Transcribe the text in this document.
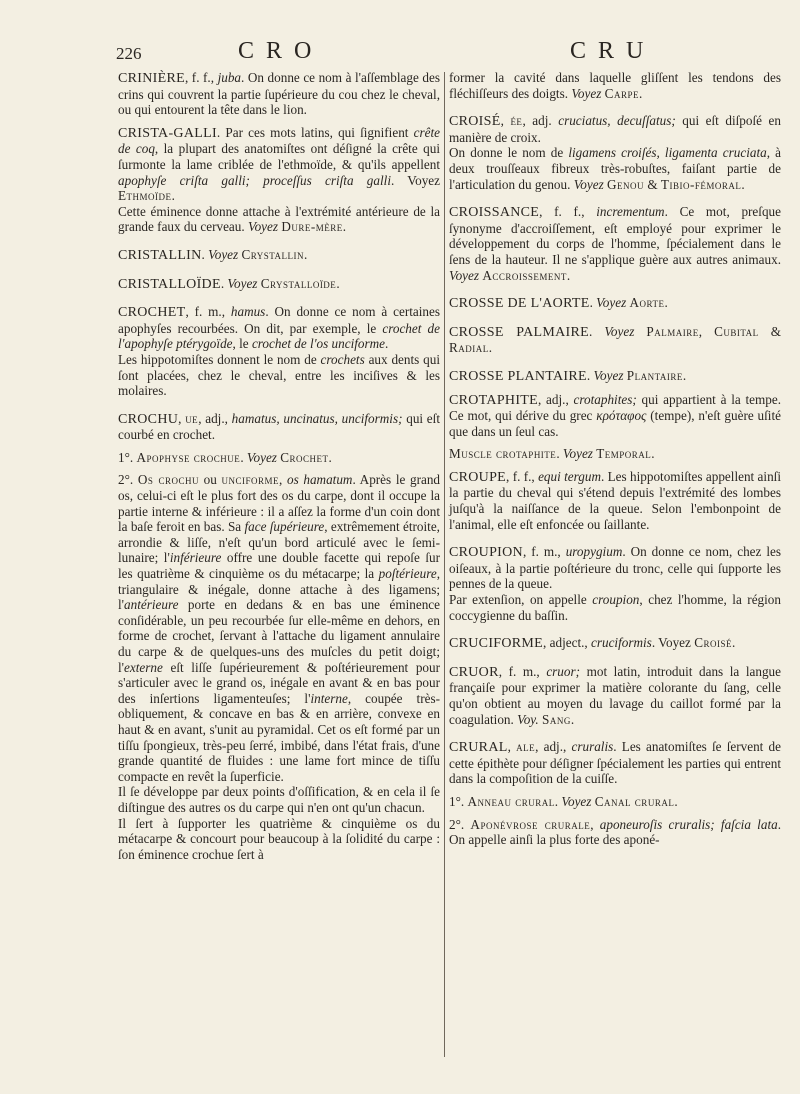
226	CRO	CRU

CRINIÈRE, f. f., juba. On donne ce nom à l'aſſemblage des crins qui couvrent la partie ſupérieure du cou chez le cheval, ou qui entourent la tête dans le lion.

CRISTA-GALLI. Par ces mots latins, qui ſignifient crête de coq, la plupart des anatomiſtes ont déſigné la crête qui ſurmonte la lame criblée de l'ethmoïde, & qu'ils appellent apophyſe criſta galli; proceſſus criſta galli. Voyez Ethmoïde.

Cette éminence donne attache à l'extrémité antérieure de la grande faux du cerveau. Voyez Dure-mère.

CRISTALLIN. Voyez Crystallin.

CRISTALLOÏDE. Voyez Crystalloïde.

CROCHET, f. m., hamus. On donne ce nom à certaines apophyſes recourbées. On dit, par exemple, le crochet de l'apophyſe ptérygoïde, le crochet de l'os unciforme.

Les hippotomiſtes donnent le nom de crochets aux dents qui ſont placées, chez le cheval, entre les inciſives & les molaires.

CROCHU, ue, adj., hamatus, uncinatus, unciformis; qui eſt courbé en crochet.

1°. Apophyse crochue. Voyez Crochet.

2°. Os crochu ou unciforme, os hamatum. Après le grand os, celui-ci eſt le plus fort des os du carpe, dont il occupe la partie interne & inférieure : il a aſſez la forme d'un coin dont la baſe feroit en bas. Sa face ſupérieure, extrêmement étroite, arrondie & liſſe, n'eſt qu'un bord articulé avec le ſemi-lunaire; l'inférieure offre une double facette qui repoſe ſur les quatrième & cinquième os du métacarpe; la poſtérieure, triangulaire & inégale, donne attache à des ligamens; l'antérieure porte en dedans & en bas une éminence conſidérable, un peu recourbée ſur elle-même en dehors, en forme de crochet, ſervant à l'attache du ligament annulaire du carpe & de quelques-uns des muſcles du petit doigt; l'externe eſt liſſe ſupérieurement & poſtérieurement pour s'articuler avec le grand os, inégale en avant & en bas pour des inſertions ligamenteuſes; l'interne, coupée très-obliquement, & concave en bas & en arrière, convexe en haut & en avant, s'unit au pyramidal. Cet os eſt formé par un tiſſu ſpongieux, très-peu ſerré, imbibé, dans l'état frais, d'une grande quantité de fluides : une lame fort mince de tiſſu compacte en revêt la ſuperficie.

Il ſe développe par deux points d'oſſification, & en cela il ſe diſtingue des autres os du carpe qui n'en ont qu'un chacun.

Il ſert à ſupporter les quatrième & cinquième os du métacarpe & concourt pour beaucoup à la ſolidité du carpe : ſon éminence crochue ſert à

former la cavité dans laquelle gliſſent les tendons des fléchiſſeurs des doigts. Voyez Carpe.

CROISÉ, ée, adj. cruciatus, decuſſatus; qui eſt diſpoſé en manière de croix.

On donne le nom de ligamens croiſés, ligamenta cruciata, à deux trouſſeaux fibreux très-robuſtes, faiſant partie de l'articulation du genou. Voyez Genou & Tibio-fémoral.

CROISSANCE, f. f., incrementum. Ce mot, preſque ſynonyme d'accroiſſement, eſt employé pour exprimer le développement du corps de l'homme, ſpécialement dans le ſens de la hauteur. Il ne s'applique guère aux autres animaux. Voyez Accroissement.

CROSSE DE L'AORTE. Voyez Aorte.

CROSSE PALMAIRE. Voyez Palmaire, Cubital & Radial.

CROSSE PLANTAIRE. Voyez Plantaire.

CROTAPHITE, adj., crotaphites; qui appartient à la tempe. Ce mot, qui dérive du grec κρόταφος (tempe), n'eſt guère uſité que dans un ſeul cas.

Muscle crotaphite. Voyez Temporal.

CROUPE, f. f., equi tergum. Les hippotomiſtes appellent ainſi la partie du cheval qui s'étend depuis l'extrémité des lombes juſqu'à la naiſſance de la queue. Selon l'embonpoint de l'animal, elle eſt enfoncée ou ſaillante.

CROUPION, f. m., uropygium. On donne ce nom, chez les oiſeaux, à la partie poſtérieure du tronc, celle qui ſupporte les pennes de la queue.

Par extenſion, on appelle croupion, chez l'homme, la région coccygienne du baſſin.

CRUCIFORME, adject., cruciformis. Voyez Croisé.

CRUOR, f. m., cruor; mot latin, introduit dans la langue françaiſe pour exprimer la matière colorante du ſang, celle qu'on obtient au moyen du lavage du caillot formé par la coagulation. Voy. Sang.

CRURAL, ale, adj., cruralis. Les anatomiſtes ſe ſervent de cette épithète pour déſigner ſpécialement les parties qui entrent dans la compoſition de la cuiſſe.

1°. Anneau crural. Voyez Canal crural.

2°. Aponévrose crurale, aponeuroſis cruralis; faſcia lata. On appelle ainſi la plus forte des aponé-
